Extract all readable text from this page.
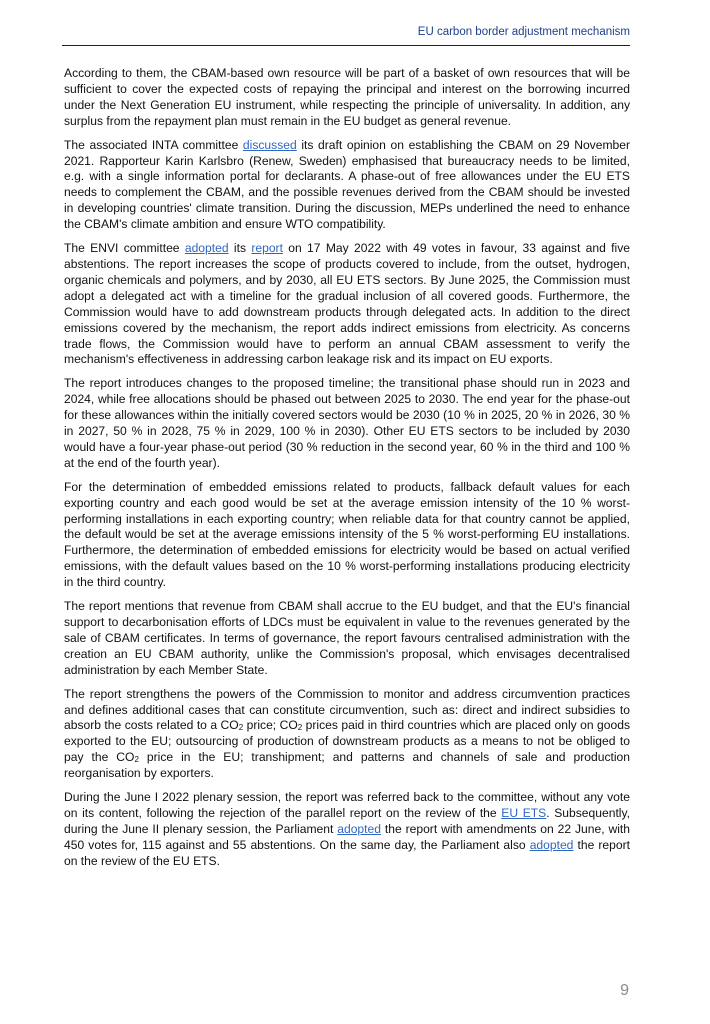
EU carbon border adjustment mechanism

According to them, the CBAM-based own resource will be part of a basket of own resources that will be sufficient to cover the expected costs of repaying the principal and interest on the borrowing incurred under the Next Generation EU instrument, while respecting the principle of universality. In addition, any surplus from the repayment plan must remain in the EU budget as general revenue.

The associated INTA committee discussed its draft opinion on establishing the CBAM on 29 November 2021. Rapporteur Karin Karlsbro (Renew, Sweden) emphasised that bureaucracy needs to be limited, e.g. with a single information portal for declarants. A phase-out of free allowances under the EU ETS needs to complement the CBAM, and the possible revenues derived from the CBAM should be invested in developing countries' climate transition. During the discussion, MEPs underlined the need to enhance the CBAM's climate ambition and ensure WTO compatibility.

The ENVI committee adopted its report on 17 May 2022 with 49 votes in favour, 33 against and five abstentions. The report increases the scope of products covered to include, from the outset, hydrogen, organic chemicals and polymers, and by 2030, all EU ETS sectors. By June 2025, the Commission must adopt a delegated act with a timeline for the gradual inclusion of all covered goods. Furthermore, the Commission would have to add downstream products through delegated acts. In addition to the direct emissions covered by the mechanism, the report adds indirect emissions from electricity. As concerns trade flows, the Commission would have to perform an annual CBAM assessment to verify the mechanism's effectiveness in addressing carbon leakage risk and its impact on EU exports.

The report introduces changes to the proposed timeline; the transitional phase should run in 2023 and 2024, while free allocations should be phased out between 2025 to 2030. The end year for the phase-out for these allowances within the initially covered sectors would be 2030 (10 % in 2025, 20 % in 2026, 30 % in 2027, 50 % in 2028, 75 % in 2029, 100 % in 2030). Other EU ETS sectors to be included by 2030 would have a four-year phase-out period (30 % reduction in the second year, 60 % in the third and 100 % at the end of the fourth year).

For the determination of embedded emissions related to products, fallback default values for each exporting country and each good would be set at the average emission intensity of the 10 % worst-performing installations in each exporting country; when reliable data for that country cannot be applied, the default would be set at the average emissions intensity of the 5 % worst-performing EU installations. Furthermore, the determination of embedded emissions for electricity would be based on actual verified emissions, with the default values based on the 10 % worst-performing installations producing electricity in the third country.

The report mentions that revenue from CBAM shall accrue to the EU budget, and that the EU's financial support to decarbonisation efforts of LDCs must be equivalent in value to the revenues generated by the sale of CBAM certificates. In terms of governance, the report favours centralised administration with the creation an EU CBAM authority, unlike the Commission's proposal, which envisages decentralised administration by each Member State.

The report strengthens the powers of the Commission to monitor and address circumvention practices and defines additional cases that can constitute circumvention, such as: direct and indirect subsidies to absorb the costs related to a $CO_2$ price; $CO_2$ prices paid in third countries which are placed only on goods exported to the EU; outsourcing of production of downstream products as a means to not be obliged to pay the $CO_2$ price in the EU; transhipment; and patterns and channels of sale and production reorganisation by exporters.

During the June I 2022 plenary session, the report was referred back to the committee, without any vote on its content, following the rejection of the parallel report on the review of the EU ETS. Subsequently, during the June II plenary session, the Parliament adopted the report with amendments on 22 June, with 450 votes for, 115 against and 55 abstentions. On the same day, the Parliament also adopted the report on the review of the EU ETS.

9
